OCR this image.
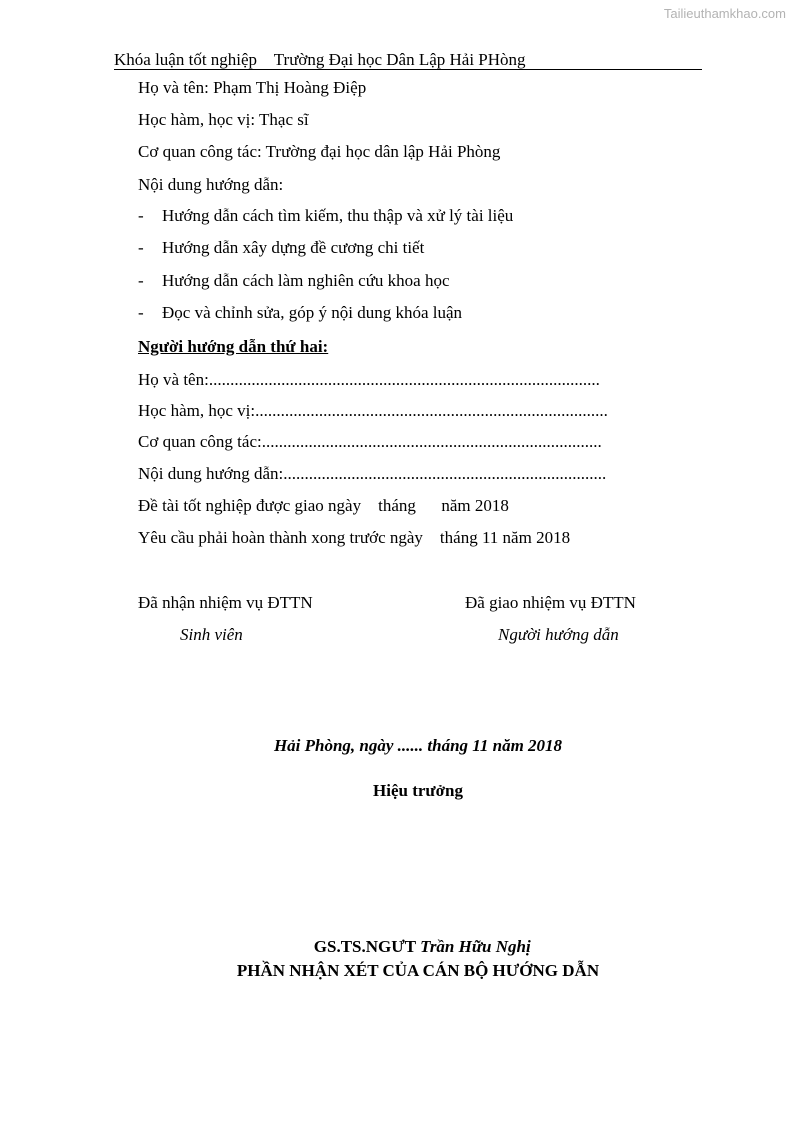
Tailieuthamkhao.com
Khóa luận tốt nghiệp    Trường Đại học Dân Lập Hải PHòng
Họ và tên: Phạm Thị Hoàng Điệp
Học hàm, học vị: Thạc sĩ
Cơ quan công tác: Trường đại học dân lập Hải Phòng
Nội dung hướng dẫn:
- Hướng dẫn cách tìm kiếm, thu thập và xử lý tài liệu
- Hướng dẫn xây dựng đề cương chi tiết
- Hướng dẫn cách làm nghiên cứu khoa học
- Đọc và chỉnh sửa, góp ý nội dung khóa luận
Người hướng dẫn thứ hai:
Họ và tên:............................................................................................
Học hàm, học vị:...................................................................................
Cơ quan công tác:................................................................................
Nội dung hướng dẫn:............................................................................
Đề tài tốt nghiệp được giao ngày    tháng      năm 2018
Yêu cầu phải hoàn thành xong trước ngày    tháng 11 năm 2018
Đã nhận nhiệm vụ ĐTTN
Sinh viên
Đã giao nhiệm vụ ĐTTN
Người hướng dẫn
Hải Phòng, ngày ...... tháng 11 năm 2018
Hiệu trưởng

GS.TS.NGƯT Trần Hữu Nghị

PHẦN NHẬN XÉT CỦA CÁN BỘ HƯỚNG DẪN
